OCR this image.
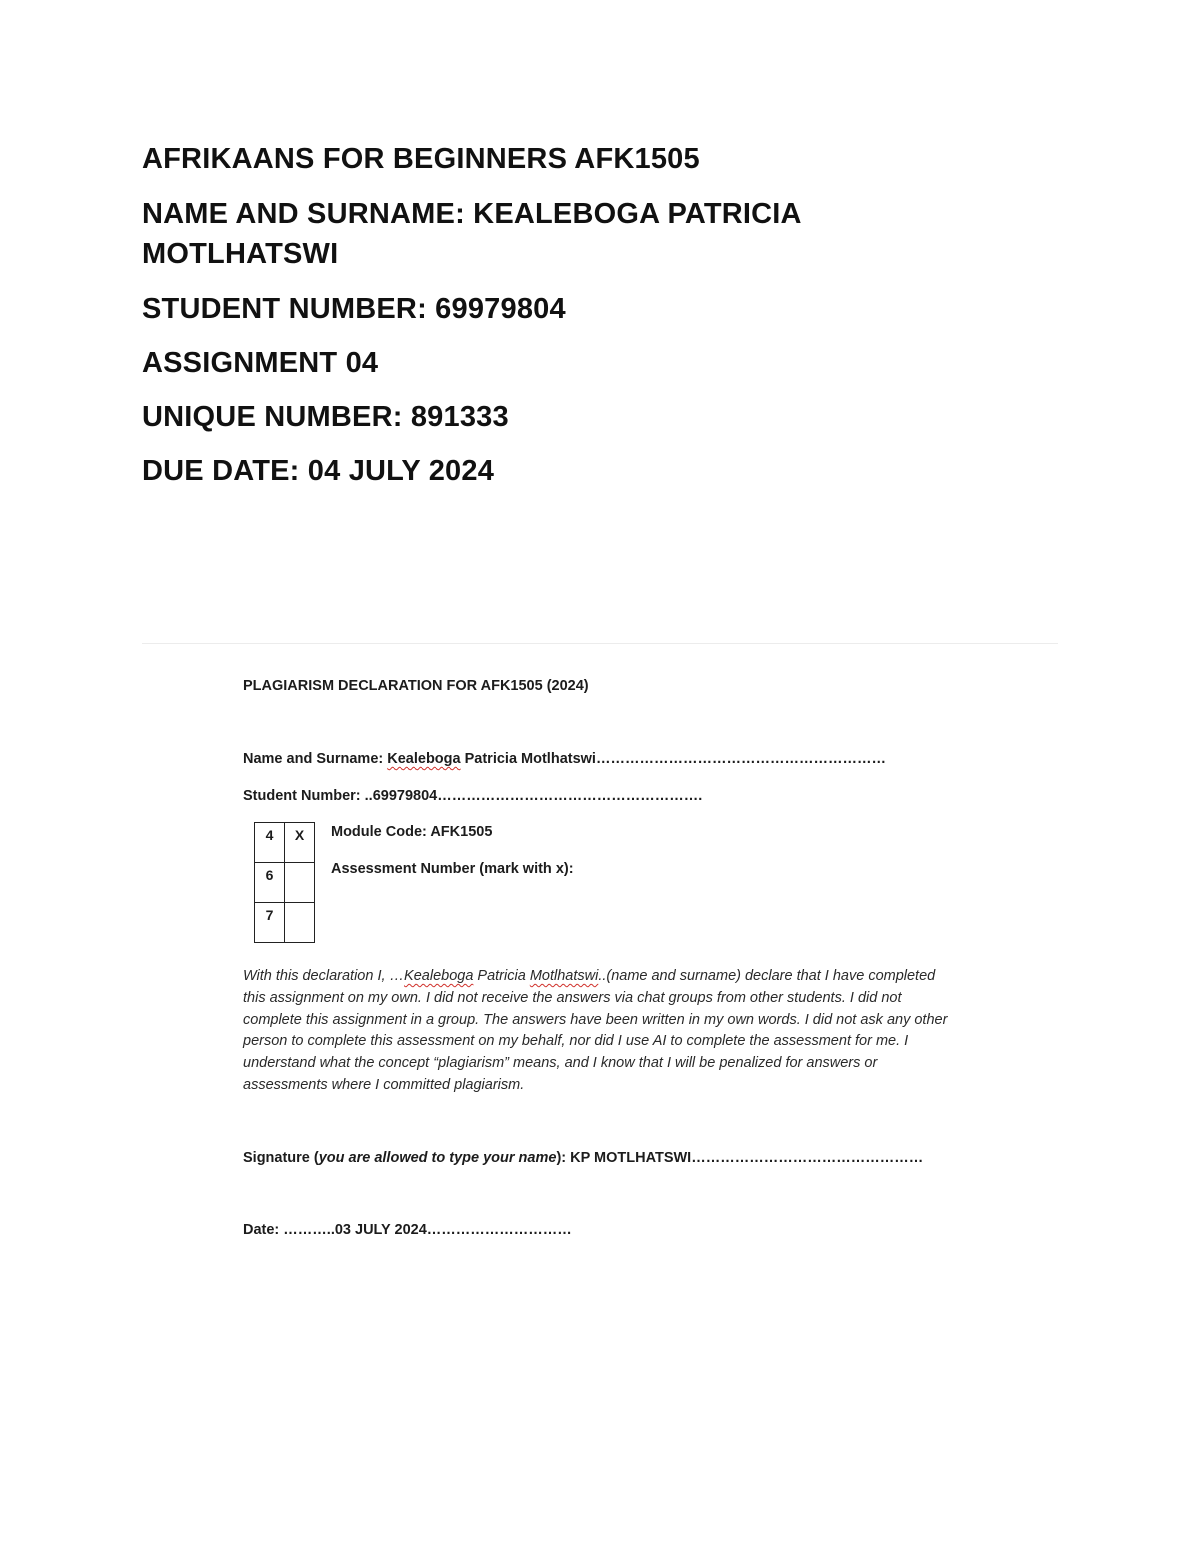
AFRIKAANS FOR BEGINNERS AFK1505
NAME AND SURNAME: KEALEBOGA PATRICIA MOTLHATSWI
STUDENT NUMBER: 69979804
ASSIGNMENT 04
UNIQUE NUMBER: 891333
DUE DATE: 04 JULY 2024
PLAGIARISM DECLARATION FOR AFK1505 (2024)
Name and Surname: Kealeboga Patricia Motlhatswi……………………………………………………
Student Number: ..69979804……………………………………………….
4	X
6	
7	
Module Code: AFK1505
Assessment Number (mark with x):
With this declaration I, …Kealeboga Patricia Motlhatswi..(name and surname) declare that I have completed this assignment on my own. I did not receive the answers via chat groups from other students. I did not complete this assignment in a group. The answers have been written in my own words. I did not ask any other person to complete this assessment on my behalf, nor did I use AI to complete the assessment for me. I understand what the concept “plagiarism” means, and I know that I will be penalized for answers or assessments where I committed plagiarism.
Signature (you are allowed to type your name): KP MOTLHATSWI…………………………………………
Date: ………..03 JULY 2024…………………………
